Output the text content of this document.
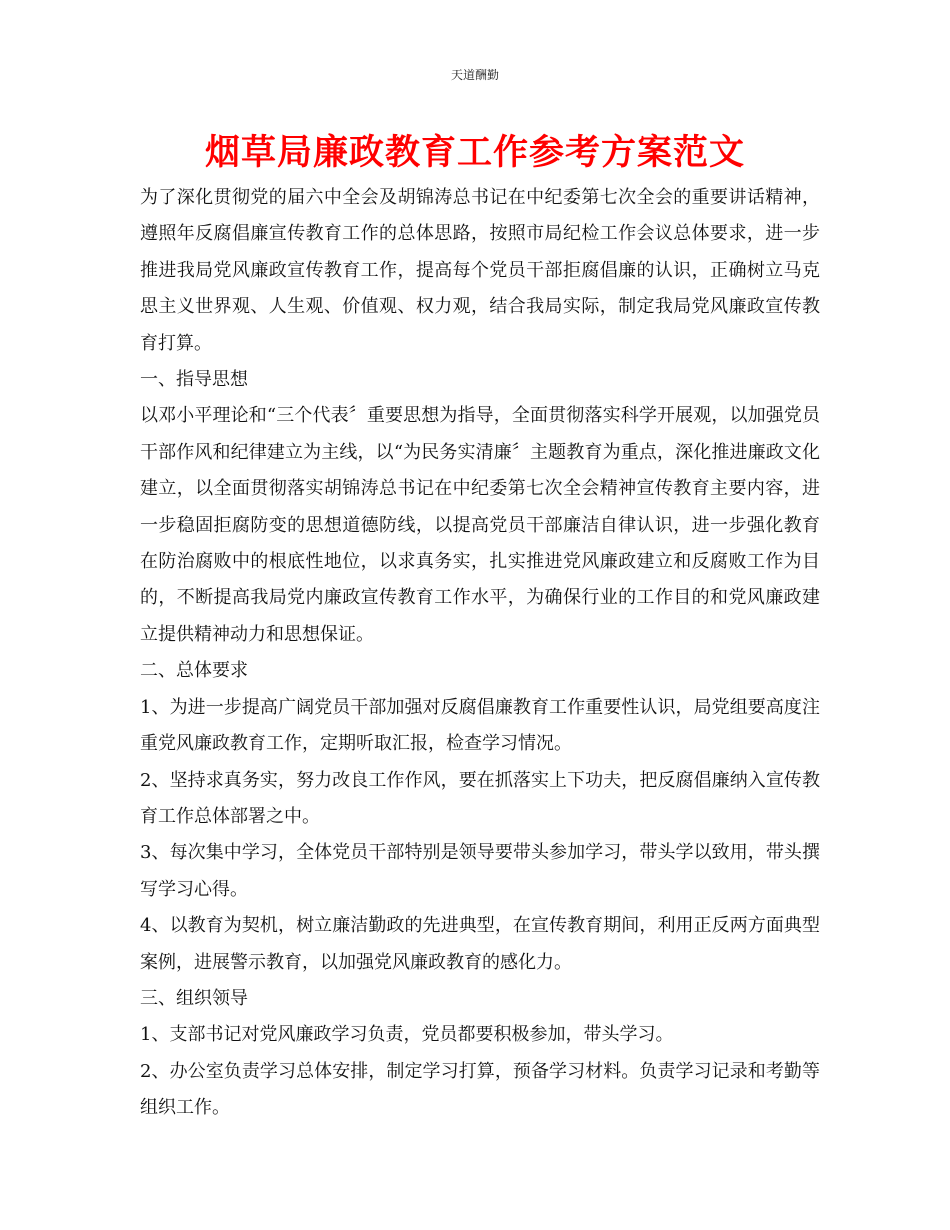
天道酬勤
烟草局廉政教育工作参考方案范文

为了深化贯彻党的届六中全会及胡锦涛总书记在中纪委第七次全会的重要讲话精神，遵照年反腐倡廉宣传教育工作的总体思路，按照市局纪检工作会议总体要求，进一步推进我局党风廉政宣传教育工作，提高每个党员干部拒腐倡廉的认识，正确树立马克思主义世界观、人生观、价值观、权力观，结合我局实际，制定我局党风廉政宣传教育打算。

一、指导思想

以邓小平理论和“三个代表〞重要思想为指导，全面贯彻落实科学开展观，以加强党员干部作风和纪律建立为主线，以“为民务实清廉〞主题教育为重点，深化推进廉政文化建立，以全面贯彻落实胡锦涛总书记在中纪委第七次全会精神宣传教育主要内容，进一步稳固拒腐防变的思想道德防线，以提高党员干部廉洁自律认识，进一步强化教育在防治腐败中的根底性地位，以求真务实，扎实推进党风廉政建立和反腐败工作为目的，不断提高我局党内廉政宣传教育工作水平，为确保行业的工作目的和党风廉政建立提供精神动力和思想保证。

二、总体要求

1、为进一步提高广阔党员干部加强对反腐倡廉教育工作重要性认识，局党组要高度注重党风廉政教育工作，定期听取汇报，检查学习情况。

2、坚持求真务实，努力改良工作作风，要在抓落实上下功夫，把反腐倡廉纳入宣传教育工作总体部署之中。

3、每次集中学习，全体党员干部特别是领导要带头参加学习，带头学以致用，带头撰写学习心得。

4、以教育为契机，树立廉洁勤政的先进典型，在宣传教育期间，利用正反两方面典型案例，进展警示教育，以加强党风廉政教育的感化力。

三、组织领导

1、支部书记对党风廉政学习负责，党员都要积极参加，带头学习。

2、办公室负责学习总体安排，制定学习打算，预备学习材料。负责学习记录和考勤等组织工作。
